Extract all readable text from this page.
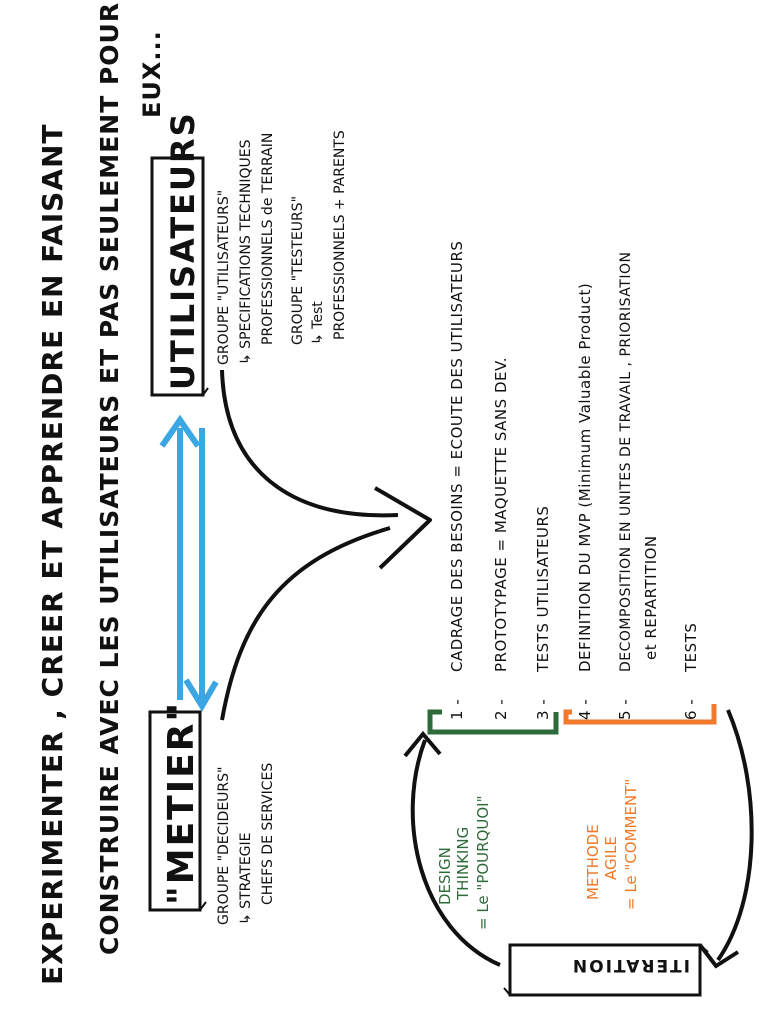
EXPERIMENTER , CREER ET APPRENDRE EN FAISANT CONSTRUIRE AVEC LES UTILISATEURS ET PAS SEULEMENT POUR EUX...
"METIER" GROUPE "DECIDEURS" ↳ STRATEGIE CHEFS DE SERVICES
UTILISATEURS GROUPE "UTILISATEURS" ↳ SPECIFICATIONS TECHNIQUES PROFESSIONNELS de TERRAIN GROUPE "TESTEURS" ↳ Test PROFESSIONNELS + PARENTS
1 -
CADRAGE DES BESOINS = ECOUTE DES UTILISATEURS
2 -
PROTOTYPAGE = MAQUETTE SANS DEV.
3 -
TESTS UTILISATEURS
4 -
DEFINITION DU MVP (Minimum Valuable Product)
5 -
DECOMPOSITION EN UNITES DE TRAVAIL , PRIORISATION et REPARTITION
6 -
TESTS
DESIGN THINKING = Le "POURQUOI"	METHODE AGILE = Le "COMMENT"
ITERATION
